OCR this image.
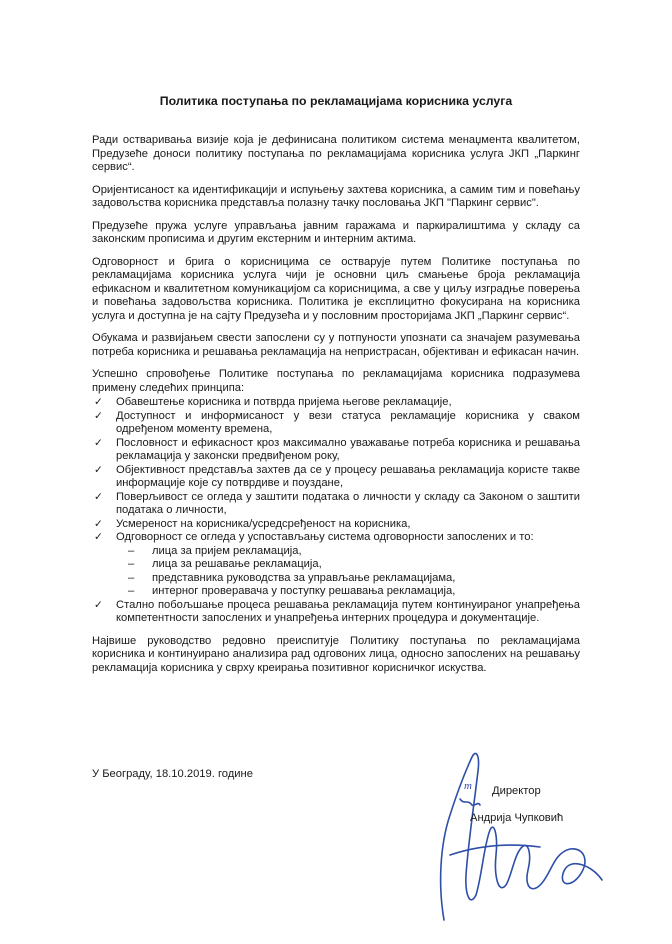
Политика поступања по рекламацијама корисника услуга

Ради остваривања визије која је дефинисана политиком система менаџмента квалитетом, Предузеће доноси политику поступања по рекламацијама корисника услуга ЈКП „Паркинг сервис“.

Оријентисаност ка идентификацији и испуњењу захтева корисника, а самим тим и повећању задовољства корисника представља полазну тачку пословања ЈКП "Паркинг сервис".

Предузеће пружа услуге управљања јавним гаражама и паркиралиштима у складу са законским прописима и другим екстерним и интерним актима.

Одговорност и брига о корисницима се остварује путем Политике поступања по рекламацијама корисника услуга чији је основни циљ смањење броја рекламација ефикасном и квалитетном комуникацијом са корисницима, а све у циљу изградње поверења и повећања задовољства корисника. Политика је експлицитно фокусирана на корисника услуга и доступна је на сајту Предузећа и у пословним просторијама ЈКП „Паркинг сервис“.

Обукама и развијањем свести запослени су у потпуности упознати са значајем разумевања потреба корисника и решавања рекламација на непристрасан, објективан и ефикасан начин.

Успешно спровођење Политике поступања по рекламацијама корисника подразумева примену следећих принципа:

✓ Обавештење корисника и потврда пријема његове рекламације,
✓ Доступност и информисаност у вези статуса рекламације корисника у сваком одређеном моменту времена,
✓ Пословност и ефикасност кроз максимално уважавање потреба корисника и решавања рекламација у законски предвиђеном року,
✓ Објективност представља захтев да се у процесу решавања рекламација користе такве информације које су потврдиве и поуздане,
✓ Поверљивост се огледа у заштити података о личности у складу са Законом о заштити података о личности,
✓ Усмереност на корисника/усредсређеност на корисника,
✓ Одговорност се огледа у успостављању система одговорности запослених и то:
– лица за пријем рекламација,
– лица за решавање рекламација,
– представника руководства за управљање рекламацијама,
– интерног проверавача у поступку решавања рекламација,
✓ Стално побољшање процеса решавања рекламација путем континуираног унапређења компетентности запослених и унапређења интерних процедура и документације.

Највише руководство редовно преиспитује Политику поступања по рекламацијама корисника и континуирано анализира рад одговоних лица, односно запослених на решавању рекламација корисника у сврху креирања позитивног корисничког искуства.

У Београду, 18.10.2019. године
m Директор
Андрија Чупковић
